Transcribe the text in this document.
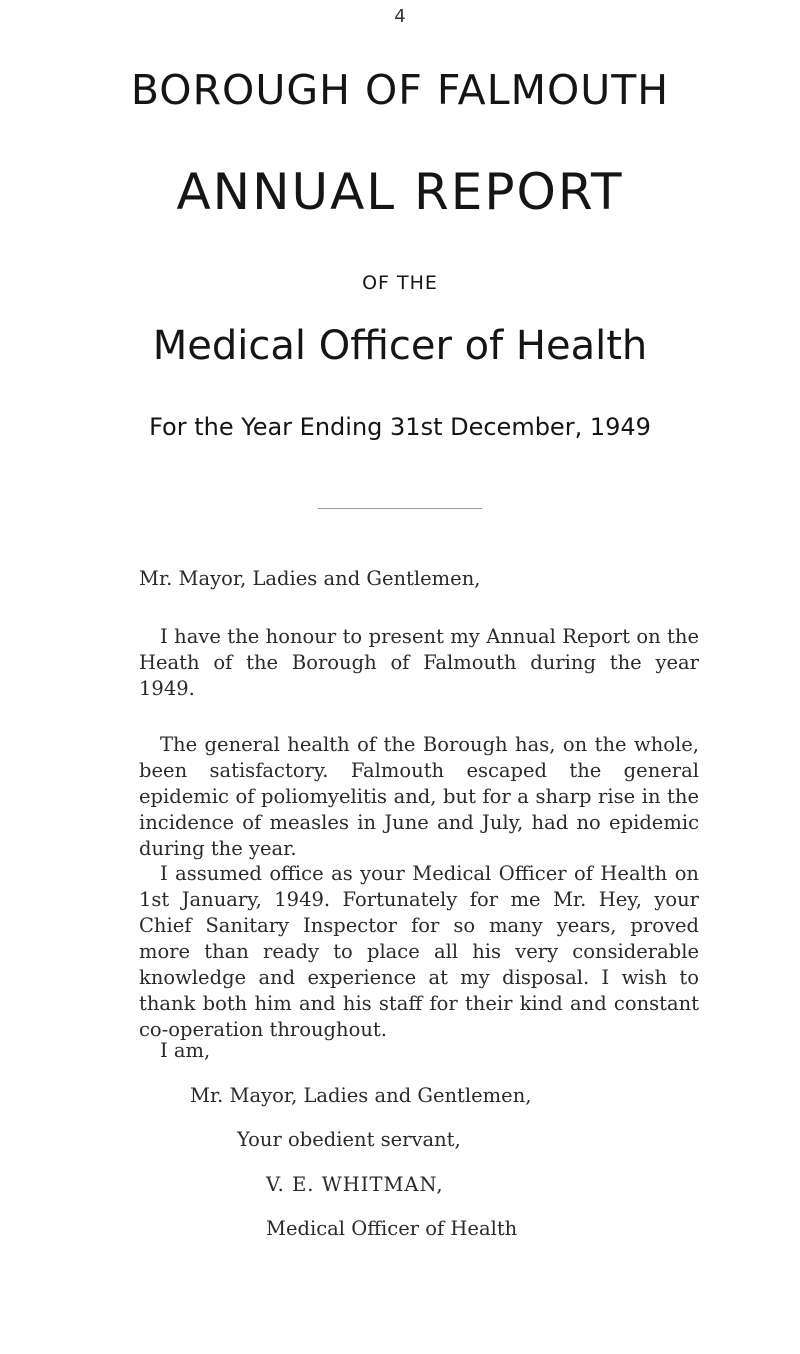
4
BOROUGH OF FALMOUTH
ANNUAL REPORT
OF THE
Medical Officer of Health
For the Year Ending 31st December, 1949
Mr. Mayor, Ladies and Gentlemen,

I have the honour to present my Annual Report on the Heath of the Borough of Falmouth during the year 1949.

The general health of the Borough has, on the whole, been satisfactory. Falmouth escaped the general epidemic of poliomyelitis and, but for a sharp rise in the incidence of measles in June and July, had no epidemic during the year.

I assumed office as your Medical Officer of Health on 1st January, 1949. Fortunately for me Mr. Hey, your Chief Sanitary Inspector for so many years, proved more than ready to place all his very considerable knowledge and experience at my disposal. I wish to thank both him and his staff for their kind and constant co-operation throughout.

I am,
Mr. Mayor, Ladies and Gentlemen,
Your obedient servant,
V. E. WHITMAN,
Medical Officer of Health
